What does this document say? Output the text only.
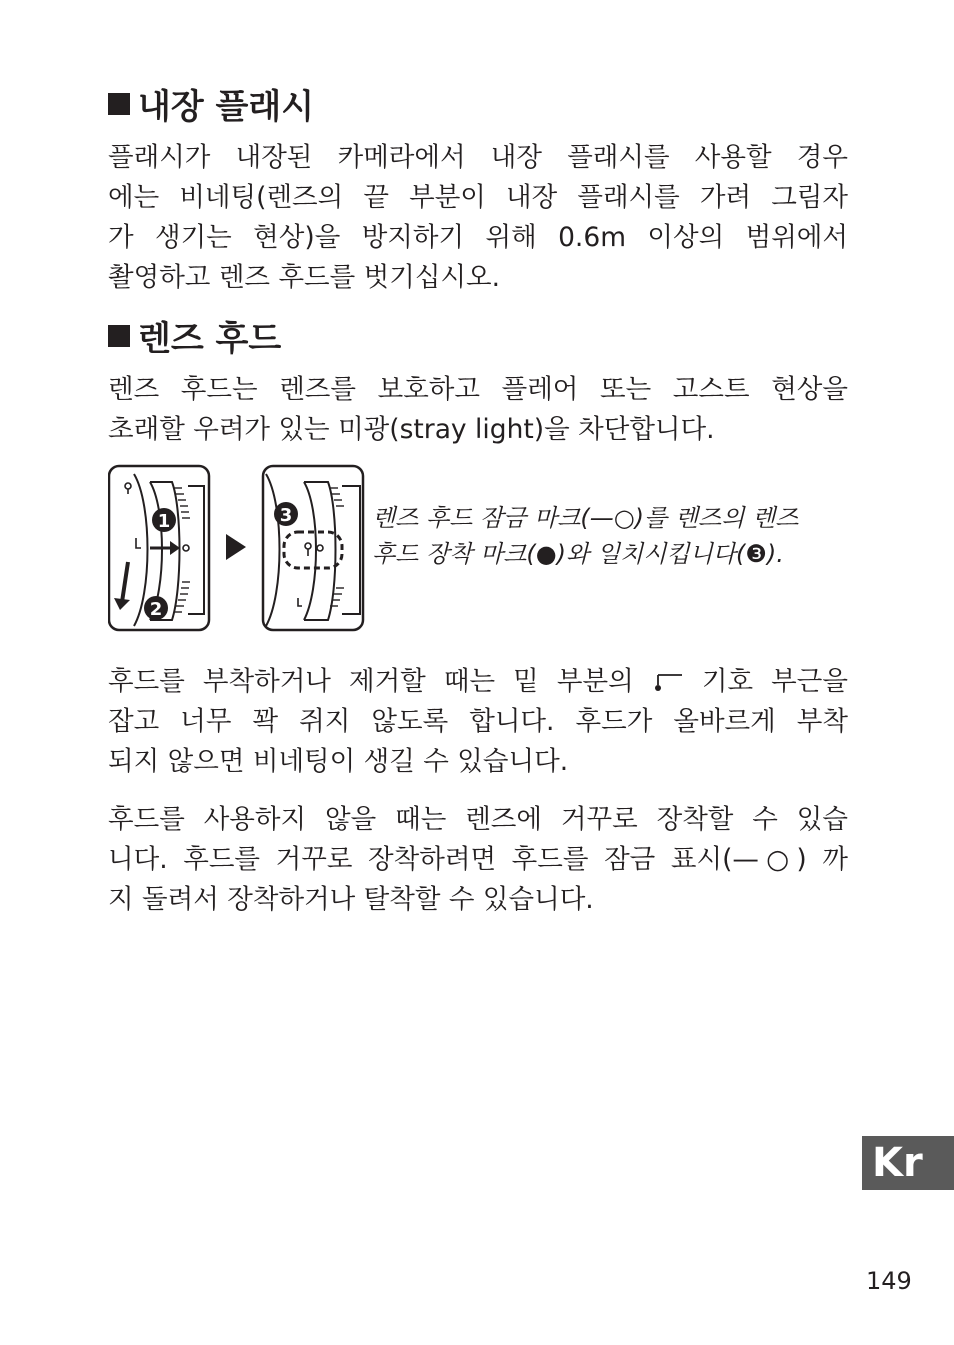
내장 플래시

플래시가 내장된 카메라에서 내장 플래시를 사용할 경우
에는 비네팅(렌즈의 끝 부분이 내장 플래시를 가려 그림자
가 생기는 현상)을 방지하기 위해 0.6m 이상의 범위에서
촬영하고 렌즈 후드를 벗기십시오.

렌즈 후드

렌즈 후드는 렌즈를 보호하고 플레어 또는 고스트 현상을
초래할 우려가 있는 미광(stray light)을 차단합니다.

1
2
3	렌즈 후드 잠금 마크(—○)를 렌즈의 렌즈
후드 장착 마크(●)와 일치시킵니다(❸).

후드를 부착하거나 제거할 때는 밑 부분의	기호 부근을
잡고 너무 꽉 쥐지 않도록 합니다. 후드가 올바르게 부착
되지 않으면 비네팅이 생길 수 있습니다.

후드를 사용하지 않을 때는 렌즈에 거꾸로 장착할 수 있습
니다. 후드를 거꾸로 장착하려면 후드를 잠금 표시(—○) 까
지 돌려서 장착하거나 탈착할 수 있습니다.

Kr
149
